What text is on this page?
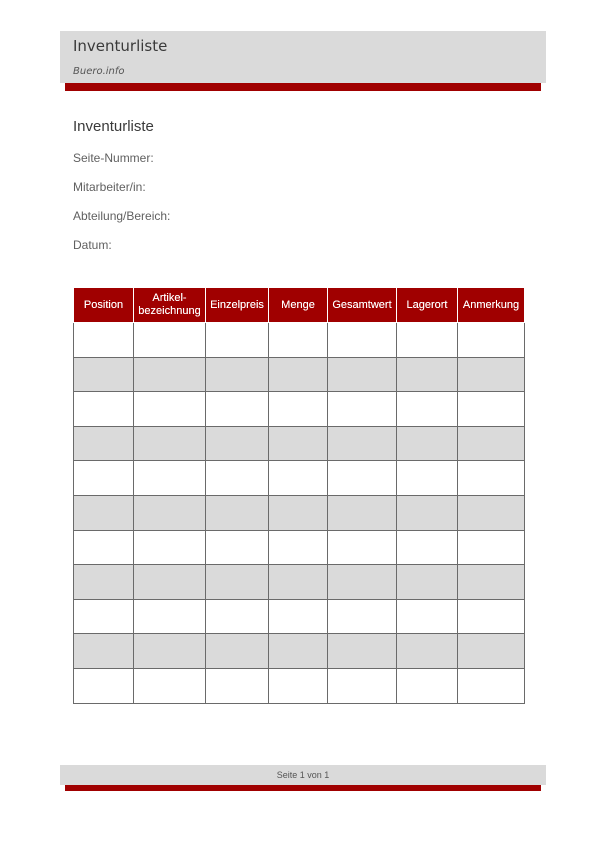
Inventurliste
Buero.info
Inventurliste
Seite-Nummer:
Mitarbeiter/in:
Abteilung/Bereich:
Datum:
Position	Artikel-
bezeichnung	Einzelpreis	Menge	Gesamtwert	Lagerort	Anmerkung

Seite 1 von 1
